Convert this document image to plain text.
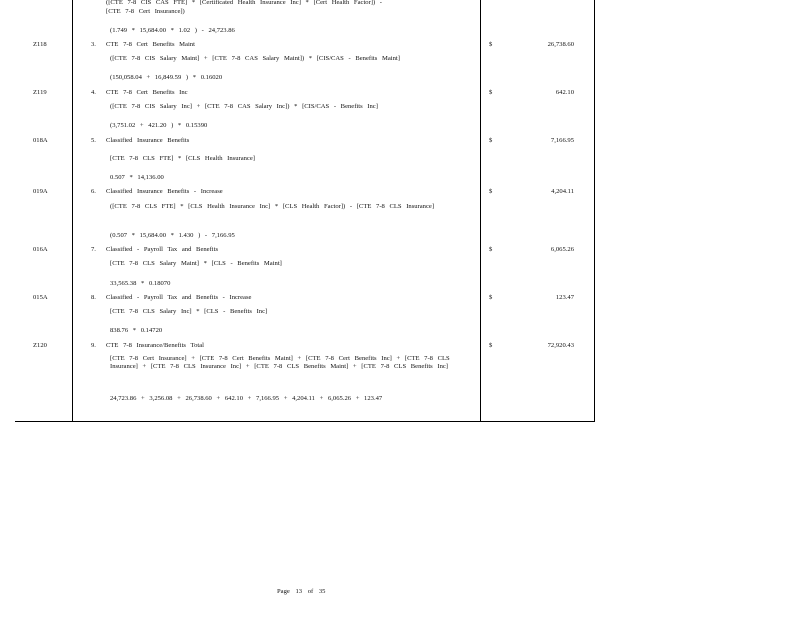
([CTE 7-8 CIS CAS FTE] * [Certificated Health Insurance Inc] * [Cert Health Factor]) -
[CTE 7-8 Cert Insurance])
(1.749 * 15,684.00 * 1.02 ) - 24,723.86
Z118	3. CTE 7-8 Cert Benefits Maint	$	26,738.60
([CTE 7-8 CIS Salary Maint] + [CTE 7-8 CAS Salary Maint]) * [CIS/CAS - Benefits Maint]
(150,058.04 + 16,849.59 ) * 0.16020
Z119	4. CTE 7-8 Cert Benefits Inc	$	642.10
([CTE 7-8 CIS Salary Inc] + [CTE 7-8 CAS Salary Inc]) * [CIS/CAS - Benefits Inc]
(3,751.02 + 421.20 ) * 0.15390
018A	5. Classified Insurance Benefits	$	7,166.95
[CTE 7-8 CLS FTE] * [CLS Health Insurance]
0.507 * 14,136.00
019A	6. Classified Insurance Benefits - Increase	$	4,204.11
([CTE 7-8 CLS FTE] * [CLS Health Insurance Inc] * [CLS Health Factor]) - [CTE 7-8 CLS Insurance]
(0.507 * 15,684.00 * 1.430 ) - 7,166.95
016A	7. Classified - Payroll Tax and Benefits	$	6,065.26
[CTE 7-8 CLS Salary Maint] * [CLS - Benefits Maint]
33,565.38 * 0.18070
015A	8. Classified - Payroll Tax and Benefits - Increase	$	123.47
[CTE 7-8 CLS Salary Inc] * [CLS - Benefits Inc]
838.76 * 0.14720
Z120	9. CTE 7-8 Insurance/Benefits Total	$	72,920.43
[CTE 7-8 Cert Insurance] + [CTE 7-8 Cert Benefits Maint] + [CTE 7-8 Cert Benefits Inc] + [CTE 7-8 CLS Insurance] + [CTE 7-8 CLS Insurance Inc] + [CTE 7-8 CLS Benefits Maint] + [CTE 7-8 CLS Benefits Inc]
24,723.86 + 3,256.08 + 26,738.60 + 642.10 + 7,166.95 + 4,204.11 + 6,065.26 + 123.47
Page 13 of 35
